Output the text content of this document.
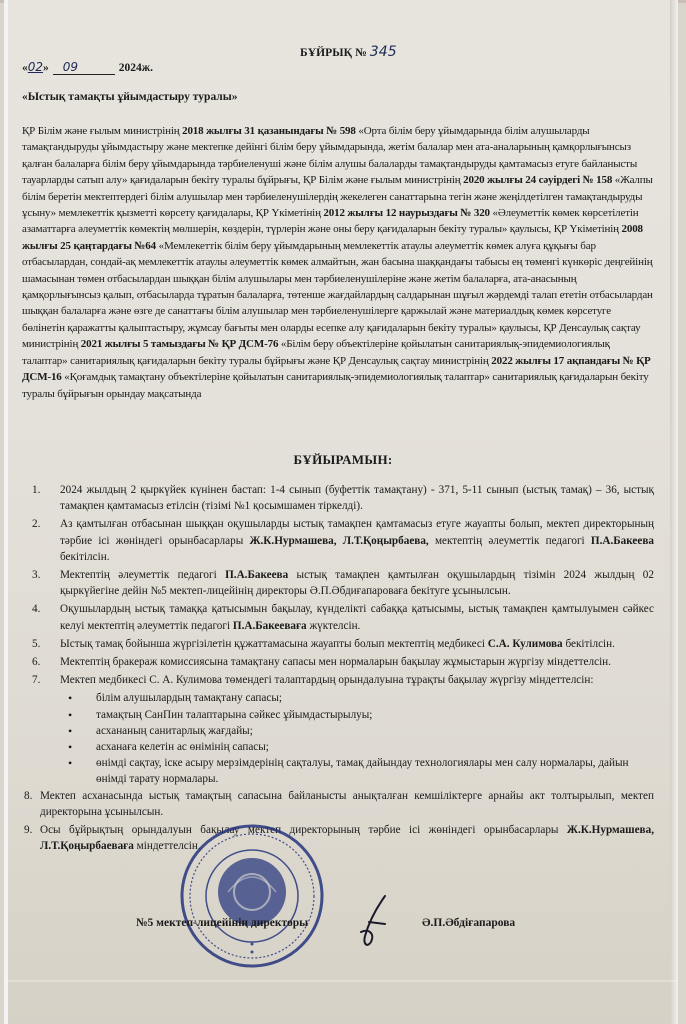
БҰЙРЫҚ № 345
«02» 09	2024ж.
«Ыстық тамақты ұйымдастыру туралы»
ҚР Білім және ғылым министрінің 2018 жылғы 31 қазанындағы № 598 «Орта білім беру ұйымдарында білім алушыларды тамақтандыруды ұйымдастыру және мектепке дейінгі білім беру ұйымдарында, жетім балалар мен ата-аналарының қамқорлығынсыз қалған балаларға білім беру ұйымдарында тәрбиеленуші және білім алушы балаларды тамақтандыруды қамтамасыз етуге байланысты тауарларды сатып алу» қағидаларын бекіту туралы бұйрығы, ҚР Білім және ғылым министрінің 2020 жылғы 24 сәуірдегі № 158 «Жалпы білім беретін мектептердегі білім алушылар мен тәрбиеленушілердің жекелеген санаттарына тегін және жеңілдетілген тамақтандыруды ұсыну» мемлекеттік қызметті көрсету қағидалары, ҚР Үкіметінің 2012 жылғы 12 наурыздағы № 320 «Әлеуметтік көмек көрсетілетін азаматтарға әлеуметтік көмектің мөлшерін, көздерін, түрлерін және оны беру қағидаларын бекіту туралы» қаулысы, ҚР Үкіметінің 2008 жылғы 25 қаңтардағы №64 «Мемлекеттік білім беру ұйымдарының мемлекеттік атаулы әлеуметтік көмек алуға құқығы бар отбасылардан, сондай-ақ мемлекеттік атаулы әлеуметтік көмек алмайтын, жан басына шаққандағы табысы ең төменгі күнкөріс деңгейінің шамасынан төмен отбасылардан шыққан білім алушылары мен тәрбиеленушілеріне және жетім балаларға, ата-анасының қамқорлығынсыз қалып, отбасыларда тұратын балаларға, төтенше жағдайлардың салдарынан шұғыл жәрдемді талап ететін отбасылардан шыққан балаларға және өзге де санаттағы білім алушылар мен тәрбиеленушілерге қаржылай және материалдық көмек көрсетуге бөлінетін қаражатты қалыптастыру, жұмсау бағыты мен оларды есепке алу қағидаларын бекіту туралы» қаулысы, ҚР Денсаулық сақтау министрінің 2021 жылғы 5 тамыздағы № ҚР ДСМ-76 «Білім беру объектілеріне қойылатын санитариялық-эпидемиологиялық талаптар» санитариялық қағидаларын бекіту туралы бұйрығы және ҚР Денсаулық сақтау министрінің 2022 жылғы 17 ақпандағы № ҚР ДСМ-16 «Қоғамдық тамақтану объектілеріне қойылатын санитариялық-эпидемиологиялық талаптар» санитариялық қағидаларын бекіту туралы бұйрығын орындау мақсатында
БҰЙЫРАМЫН:
1. 2024 жылдың 2 қыркүйек күнінен бастап: 1-4 сынып (буфеттік тамақтану) - 371, 5-11 сынып (ыстық тамақ) – 36, ыстық тамақпен қамтамасыз етілсін (тізімі №1 қосымшамен тіркелді).
2. Аз қамтылған отбасынан шыққан оқушыларды ыстық тамақпен қамтамасыз етуге жауапты болып, мектеп директорының тәрбие ісі жөніндегі орынбасарлары Ж.К.Нурмашева, Л.Т.Қоңырбаева, мектептің әлеуметтік педагогі П.А.Бакеева бекітілсін.
3. Мектептің әлеуметтік педагогі П.А.Бакеева ыстық тамақпен қамтылған оқушылардың тізімін 2024 жылдың 02 қыркүйегіне дейін №5 мектеп-лицейінің директоры Ә.П.Әбдиғапароваға бекітуге ұсынылсын.
4. Оқушылардың ыстық тамаққа қатысымын бақылау, күнделікті сабаққа қатысымы, ыстық тамақпен қамтылуымен сәйкес келуі мектептің әлеуметтік педагогі П.А.Бакееваға жүктелсін.
5. Ыстық тамақ бойынша жүргізілетін құжаттамасына жауапты болып мектептің медбикесі С.А. Кулимова бекітілсін.
6. Мектептің бракераж комиссиясына тамақтану сапасы мен нормаларын бақылау жұмыстарын жүргізу міндеттелсін.
7. Мектеп медбикесі С. А. Кулимова төмендегі талаптардың орындалуына тұрақты бақылау жүргізу міндеттелсін:
• білім алушылардың тамақтану сапасы;
• тамақтың СанПин талаптарына сәйкес ұйымдастырылуы;
• асхананың санитарлық жағдайы;
• асханаға келетін ас өнімінің сапасы;
• өнімді сақтау, іске асыру мерзімдерінің сақталуы, тамақ дайындау технологиялары мен салу нормалары, дайын өнімді тарату нормалары.
8. Мектеп асханасында ыстық тамақтың сапасына байланысты анықталған кемшіліктерге арнайы акт толтырылып, мектеп директорына ұсынылсын.
9. Осы бұйрықтың орындалуын бақылау мектеп директорының тәрбие ісі жөніндегі орынбасарлары Ж.К.Нурмашева, Л.Т.Қоңырбаеваға міндеттелсін.
№5 мектеп-лицейінің директоры	Ә.П.Әбдіғапарова
